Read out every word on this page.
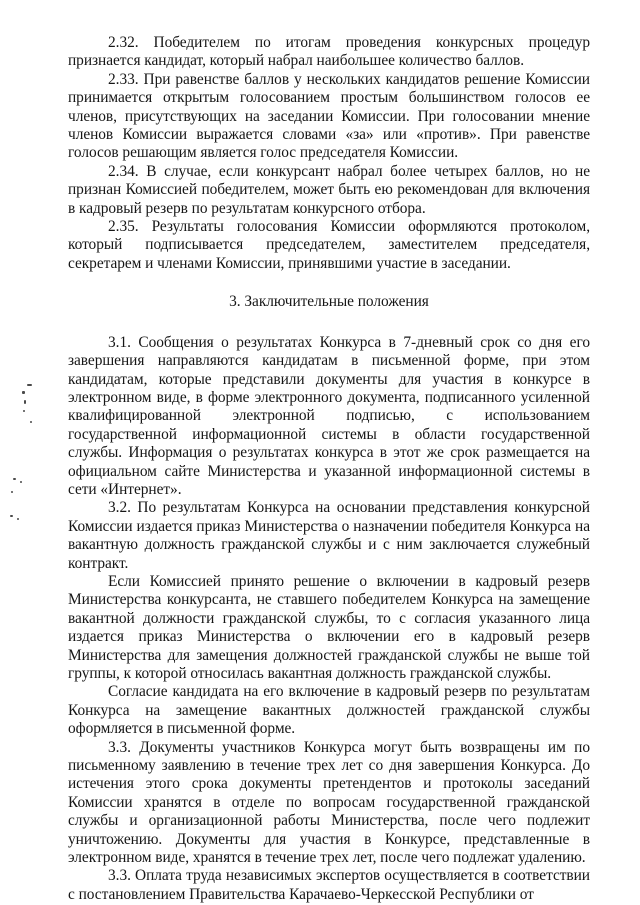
2.32. Победителем по итогам проведения конкурсных процедур признается кандидат, который набрал наибольшее количество баллов.

2.33. При равенстве баллов у нескольких кандидатов решение Комиссии принимается открытым голосованием простым большинством голосов ее членов, присутствующих на заседании Комиссии. При голосовании мнение членов Комиссии выражается словами «за» или «против». При равенстве голосов решающим является голос председателя Комиссии.

2.34. В случае, если конкурсант набрал более четырех баллов, но не признан Комиссией победителем, может быть ею рекомендован для включения в кадровый резерв по результатам конкурсного отбора.

2.35. Результаты голосования Комиссии оформляются протоколом, который подписывается председателем, заместителем председателя, секретарем и членами Комиссии, принявшими участие в заседании.

3. Заключительные положения

3.1. Сообщения о результатах Конкурса в 7-дневный срок со дня его завершения направляются кандидатам в письменной форме, при этом кандидатам, которые представили документы для участия в конкурсе в электронном виде, в форме электронного документа, подписанного усиленной квалифицированной электронной подписью, с использованием государственной информационной системы в области государственной службы. Информация о результатах конкурса в этот же срок размещается на официальном сайте Министерства и указанной информационной системы в сети «Интернет».

3.2. По результатам Конкурса на основании представления конкурсной Комиссии издается приказ Министерства о назначении победителя Конкурса на вакантную должность гражданской службы и с ним заключается служебный контракт.

Если Комиссией принято решение о включении в кадровый резерв Министерства конкурсанта, не ставшего победителем Конкурса на замещение вакантной должности гражданской службы, то с согласия указанного лица издается приказ Министерства о включении его в кадровый резерв Министерства для замещения должностей гражданской службы не выше той группы, к которой относилась вакантная должность гражданской службы.

Согласие кандидата на его включение в кадровый резерв по результатам Конкурса на замещение вакантных должностей гражданской службы оформляется в письменной форме.

3.3. Документы участников Конкурса могут быть возвращены им по письменному заявлению в течение трех лет со дня завершения Конкурса. До истечения этого срока документы претендентов и протоколы заседаний Комиссии хранятся в отделе по вопросам государственной гражданской службы и организационной работы Министерства, после чего подлежит уничтожению. Документы для участия в Конкурсе, представленные в электронном виде, хранятся в течение трех лет, после чего подлежат удалению.

3.3. Оплата труда независимых экспертов осуществляется в соответствии с постановлением Правительства Карачаево-Черкесской Республики от
